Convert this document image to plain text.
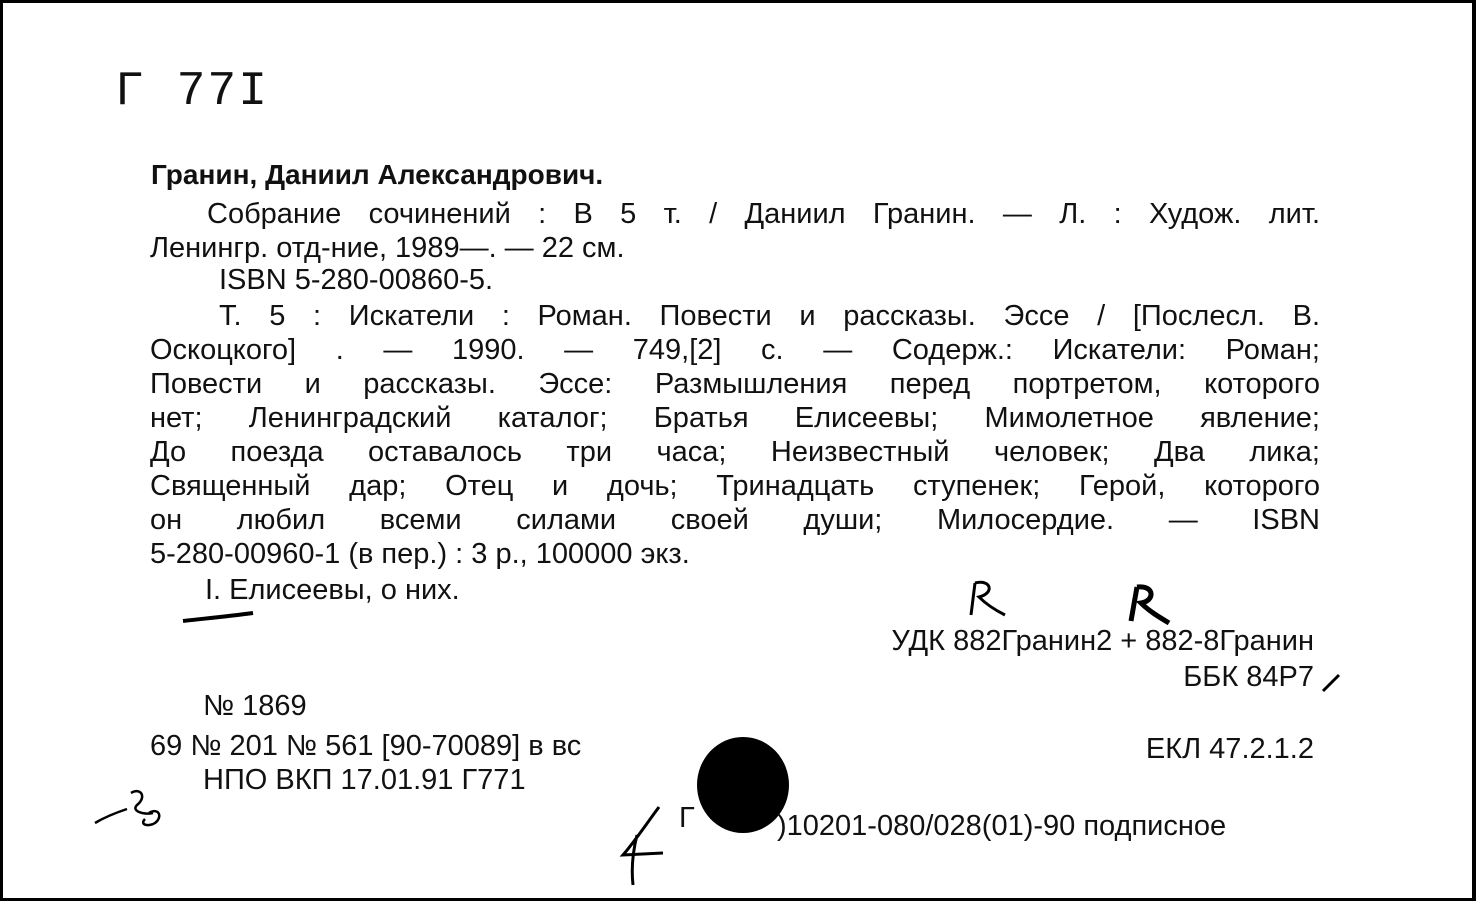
Г 77I
Гранин, Даниил Александрович.
Собрание сочинений : В 5 т. / Даниил Гранин. — Л. : Худож. лит.
Ленингр. отд-ние, 1989—. — 22 см.
ISBN 5-280-00860-5.
Т. 5 : Искатели : Роман. Повести и рассказы. Эссе / [Послесл. В.
Оскоцкого] . — 1990. — 749,[2] с. — Содерж.: Искатели: Роман;
Повести и рассказы. Эссе: Размышления перед портретом, которого
нет; Ленинградский каталог; Братья Елисеевы; Мимолетное явление;
До поезда оставалось три часа; Неизвестный человек; Два лика;
Священный дар; Отец и дочь; Тринадцать ступенек; Герой, которого
он любил всеми силами своей души; Милосердие. — ISBN
5-280-00960-1 (в пер.) : 3 р., 100000 экз.
I. Елисеевы, о них.
УДК 882Гранин2 + 882-8Гранин
ББК 84Р7
№ 1869
69 № 201 № 561 [90-70089] в вс
НПО ВКП 17.01.91 Г771
ЕКЛ 47.2.1.2
Г	)10201-080/028(01)-90 подписное
